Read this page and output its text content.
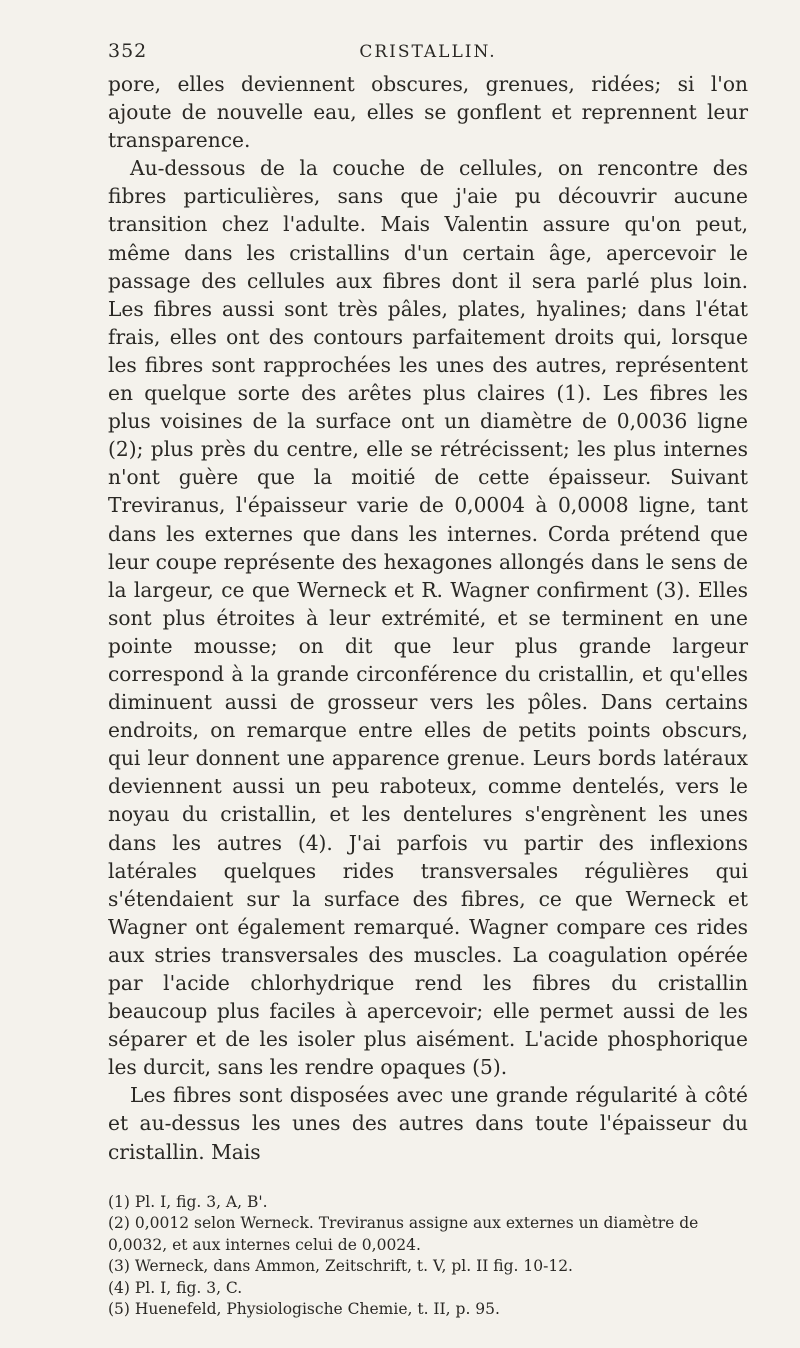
352	CRISTALLIN.

pore, elles deviennent obscures, grenues, ridées; si l'on ajoute de nouvelle eau, elles se gonflent et reprennent leur transparence.

Au-dessous de la couche de cellules, on rencontre des fibres particulières, sans que j'aie pu découvrir aucune transition chez l'adulte. Mais Valentin assure qu'on peut, même dans les cristallins d'un certain âge, apercevoir le passage des cellules aux fibres dont il sera parlé plus loin. Les fibres aussi sont très pâles, plates, hyalines; dans l'état frais, elles ont des contours parfaitement droits qui, lorsque les fibres sont rapprochées les unes des autres, représentent en quelque sorte des arêtes plus claires (1). Les fibres les plus voisines de la surface ont un diamètre de 0,0036 ligne (2); plus près du centre, elle se rétrécissent; les plus internes n'ont guère que la moitié de cette épaisseur. Suivant Treviranus, l'épaisseur varie de 0,0004 à 0,0008 ligne, tant dans les externes que dans les internes. Corda prétend que leur coupe représente des hexagones allongés dans le sens de la largeur, ce que Werneck et R. Wagner confirment (3). Elles sont plus étroites à leur extrémité, et se terminent en une pointe mousse; on dit que leur plus grande largeur correspond à la grande circonférence du cristallin, et qu'elles diminuent aussi de grosseur vers les pôles. Dans certains endroits, on remarque entre elles de petits points obscurs, qui leur donnent une apparence grenue. Leurs bords latéraux deviennent aussi un peu raboteux, comme dentelés, vers le noyau du cristallin, et les dentelures s'engrènent les unes dans les autres (4). J'ai parfois vu partir des inflexions latérales quelques rides transversales régulières qui s'étendaient sur la surface des fibres, ce que Werneck et Wagner ont également remarqué. Wagner compare ces rides aux stries transversales des muscles. La coagulation opérée par l'acide chlorhydrique rend les fibres du cristallin beaucoup plus faciles à apercevoir; elle permet aussi de les séparer et de les isoler plus aisément. L'acide phosphorique les durcit, sans les rendre opaques (5).

Les fibres sont disposées avec une grande régularité à côté et au-dessus les unes des autres dans toute l'épaisseur du cristallin. Mais

(1) Pl. I, fig. 3, A, B'.

(2) 0,0012 selon Werneck. Treviranus assigne aux externes un diamètre de 0,0032, et aux internes celui de 0,0024.

(3) Werneck, dans Ammon, Zeitschrift, t. V, pl. II fig. 10-12.

(4) Pl. I, fig. 3, C.

(5) Huenefeld, Physiologische Chemie, t. II, p. 95.
